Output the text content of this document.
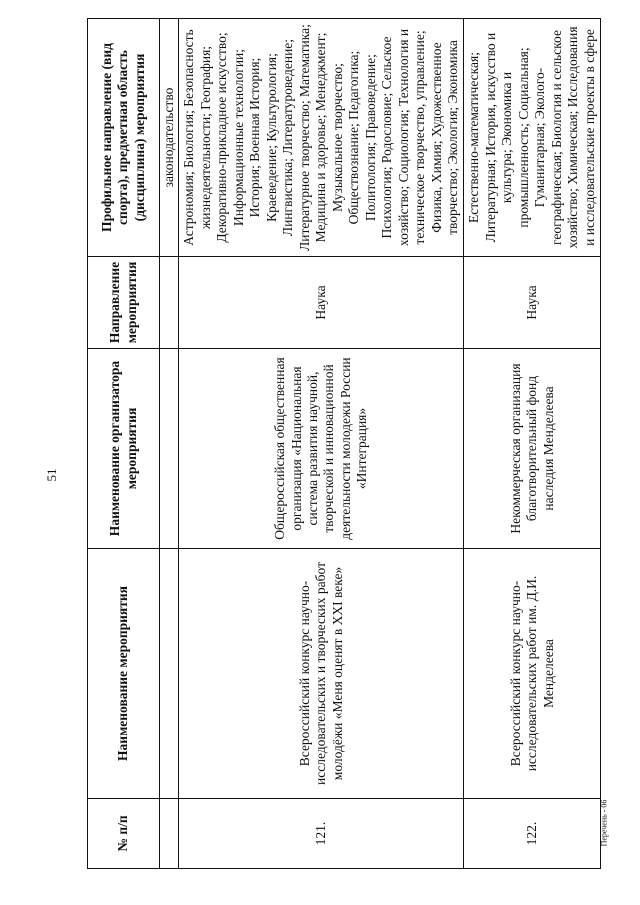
51
№ п/п	Наименование мероприятия	Наименование организатора мероприятия	Направление мероприятия	Профильное направление (вид спорта), предметная область (дисциплина) мероприятия
				законодательство
121.	Всероссийский конкурс научно-исследовательских и творческих работ молодёжи «Меня оценят в XXI веке»	Общероссийская общественная организация «Национальная система развития научной, творческой и инновационной деятельности молодежи России «Интеграция»	Наука	Астрономия; Биология; Безопасность жизнедеятельности; География; Декоративно-прикладное искусство; Информационные технологии; История; Военная История; Краеведение; Культурология; Лингвистика; Литературоведение; Литературное творчество; Математика; Медицина и здоровье; Менеджмент; Музыкальное творчество; Обществознание; Педагогика; Политология; Правоведение; Психология; Родословие; Сельское хозяйство; Социология; Технология и техническое творчество, управление; Физика, Химия; Художественное творчество; Экология; Экономика
122.	Всероссийский конкурс научно-исследовательских работ им. Д.И. Менделеева	Некоммерческая организация благотворительный фонд наследия Менделеева	Наука	Естественно-математическая; Литературная; История, искусство и культура; Экономика и промышленность; Социальная; Гуманитарная; Эколого-географическая; Биология и сельское хозяйство; Химическая; Исследования и исследовательские проекты в сфере
Перечень - 06
